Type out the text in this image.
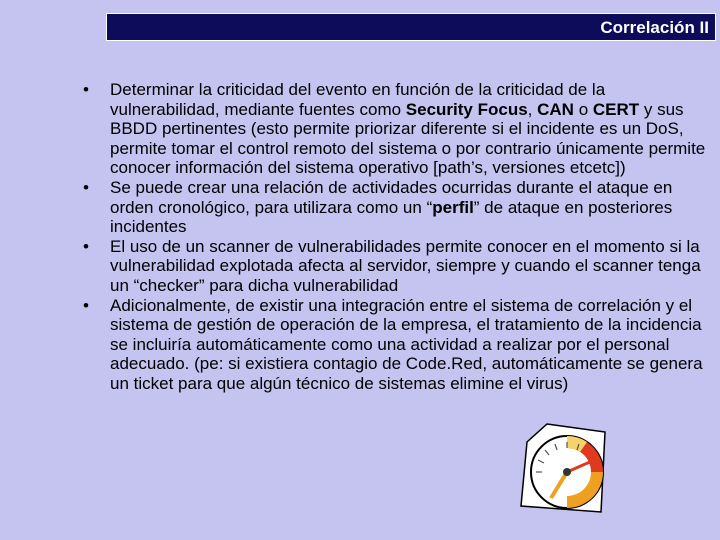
Correlación II

•	Determinar la criticidad del evento en función de la criticidad de la vulnerabilidad, mediante fuentes como Security Focus, CAN o CERT y sus BBDD pertinentes (esto permite priorizar diferente si el incidente es un DoS, permite tomar el control remoto del sistema o por contrario únicamente permite conocer información del sistema operativo [path’s, versiones etcetc])

•	Se puede crear una relación de actividades ocurridas durante el ataque en orden cronológico, para utilizara como un “perfil” de ataque en posteriores incidentes

•	El uso de un scanner de vulnerabilidades permite conocer en el momento si la vulnerabilidad explotada afecta al servidor, siempre y cuando el scanner tenga un “checker” para dicha vulnerabilidad

•	Adicionalmente, de existir una integración entre el sistema de correlación y el sistema de gestión de operación de la empresa, el tratamiento de la incidencia se incluiría automáticamente como una actividad a realizar por el personal adecuado. (pe: si existiera contagio de Code.Red, automáticamente se genera un ticket para que algún técnico de sistemas elimine el virus)
